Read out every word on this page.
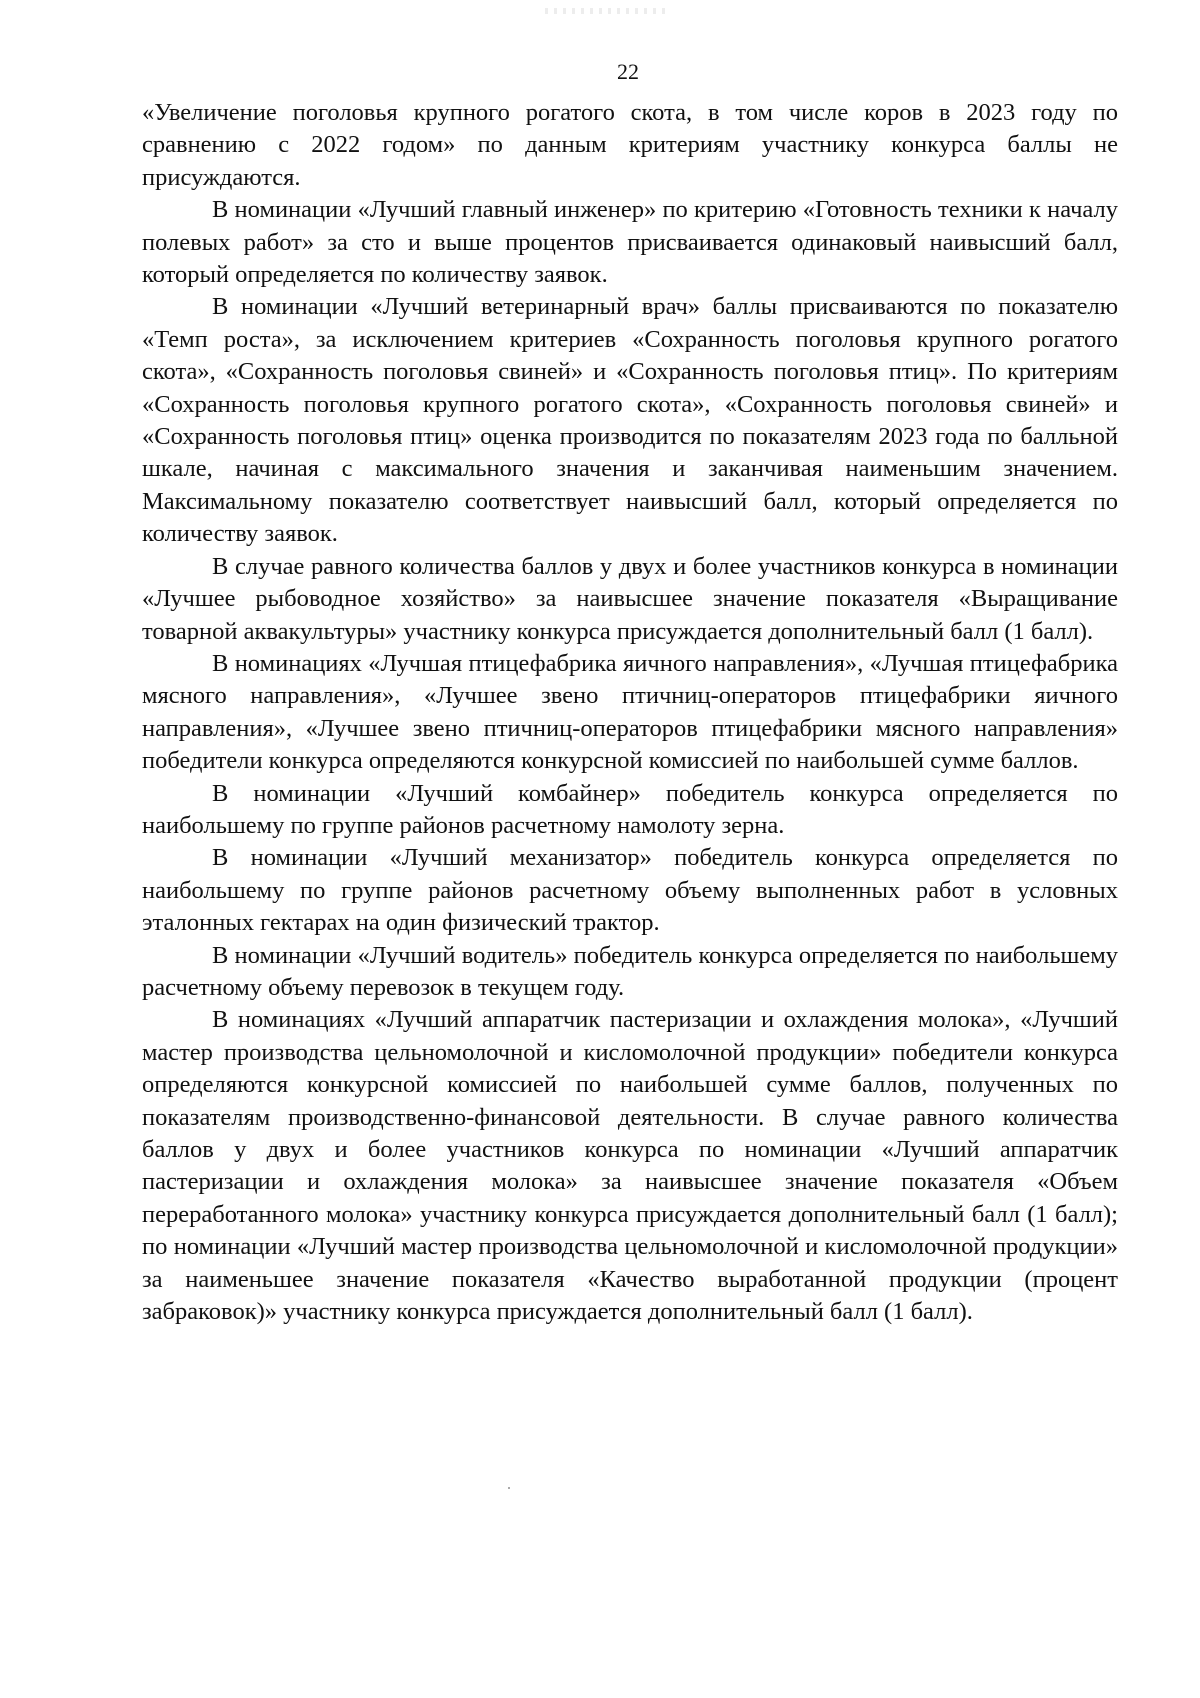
22

«Увеличение поголовья крупного рогатого скота, в том числе коров в 2023 году по сравнению с 2022 годом» по данным критериям участнику конкурса баллы не присуждаются.

В номинации «Лучший главный инженер» по критерию «Готовность техники к началу полевых работ» за сто и выше процентов присваивается одинаковый наивысший балл, который определяется по количеству заявок.

В номинации «Лучший ветеринарный врач» баллы присваиваются по показателю «Темп роста», за исключением критериев «Сохранность поголовья крупного рогатого скота», «Сохранность поголовья свиней» и «Сохранность поголовья птиц». По критериям «Сохранность поголовья крупного рогатого скота», «Сохранность поголовья свиней» и «Сохранность поголовья птиц» оценка производится по показателям 2023 года по балльной шкале, начиная с максимального значения и заканчивая наименьшим значением. Максимальному показателю соответствует наивысший балл, который определяется по количеству заявок.

В случае равного количества баллов у двух и более участников конкурса в номинации «Лучшее рыбоводное хозяйство» за наивысшее значение показателя «Выращивание товарной аквакультуры» участнику конкурса присуждается дополнительный балл (1 балл).

В номинациях «Лучшая птицефабрика яичного направления», «Лучшая птицефабрика мясного направления», «Лучшее звено птичниц-операторов птицефабрики яичного направления», «Лучшее звено птичниц-операторов птицефабрики мясного направления» победители конкурса определяются конкурсной комиссией по наибольшей сумме баллов.

В номинации «Лучший комбайнер» победитель конкурса определяется по наибольшему по группе районов расчетному намолоту зерна.

В номинации «Лучший механизатор» победитель конкурса определяется по наибольшему по группе районов расчетному объему выполненных работ в условных эталонных гектарах на один физический трактор.

В номинации «Лучший водитель» победитель конкурса определяется по наибольшему расчетному объему перевозок в текущем году.

В номинациях «Лучший аппаратчик пастеризации и охлаждения молока», «Лучший мастер производства цельномолочной и кисломолочной продукции» победители конкурса определяются конкурсной комиссией по наибольшей сумме баллов, полученных по показателям производственно-финансовой деятельности. В случае равного количества баллов у двух и более участников конкурса по номинации «Лучший аппаратчик пастеризации и охлаждения молока» за наивысшее значение показателя «Объем переработанного молока» участнику конкурса присуждается дополнительный балл (1 балл); по номинации «Лучший мастер производства цельномолочной и кисломолочной продукции» за наименьшее значение показателя «Качество выработанной продукции (процент забраковок)» участнику конкурса присуждается дополнительный балл (1 балл).
